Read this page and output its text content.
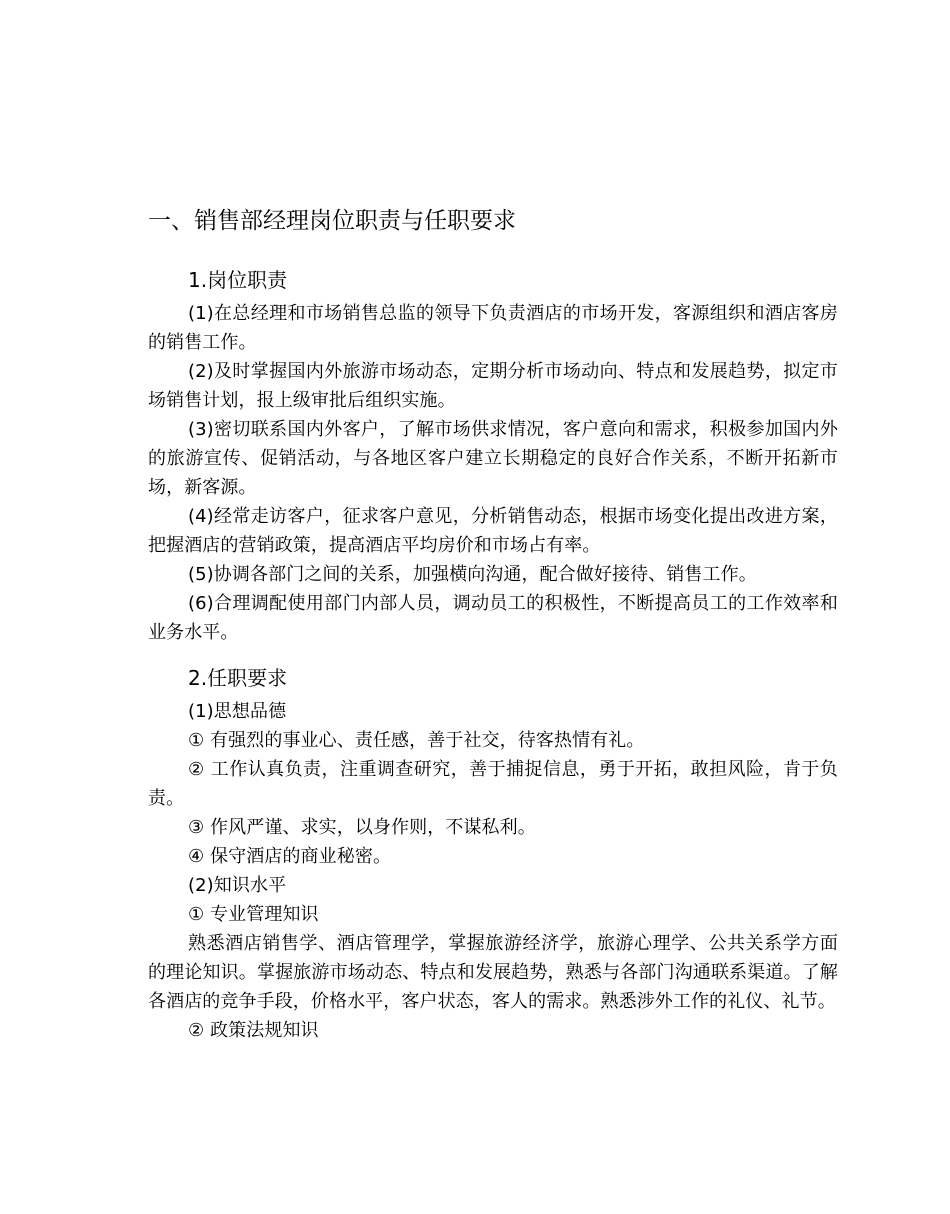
一、销售部经理岗位职责与任职要求
1.岗位职责

(1)在总经理和市场销售总监的领导下负责酒店的市场开发，客源组织和酒店客房的销售工作。

(2)及时掌握国内外旅游市场动态，定期分析市场动向、特点和发展趋势，拟定市场销售计划，报上级审批后组织实施。

(3)密切联系国内外客户，了解市场供求情况，客户意向和需求，积极参加国内外的旅游宣传、促销活动，与各地区客户建立长期稳定的良好合作关系，不断开拓新市场，新客源。

(4)经常走访客户，征求客户意见，分析销售动态，根据市场变化提出改进方案，把握酒店的营销政策，提高酒店平均房价和市场占有率。

(5)协调各部门之间的关系，加强横向沟通，配合做好接待、销售工作。

(6)合理调配使用部门内部人员，调动员工的积极性，不断提高员工的工作效率和业务水平。

2.任职要求

(1)思想品德

① 有强烈的事业心、责任感，善于社交，待客热情有礼。

② 工作认真负责，注重调查研究，善于捕捉信息，勇于开拓，敢担风险，肯于负责。

③ 作风严谨、求实，以身作则，不谋私利。

④ 保守酒店的商业秘密。

(2)知识水平

① 专业管理知识

熟悉酒店销售学、酒店管理学，掌握旅游经济学，旅游心理学、公共关系学方面的理论知识。掌握旅游市场动态、特点和发展趋势，熟悉与各部门沟通联系渠道。了解各酒店的竞争手段，价格水平，客户状态，客人的需求。熟悉涉外工作的礼仪、礼节。

② 政策法规知识
